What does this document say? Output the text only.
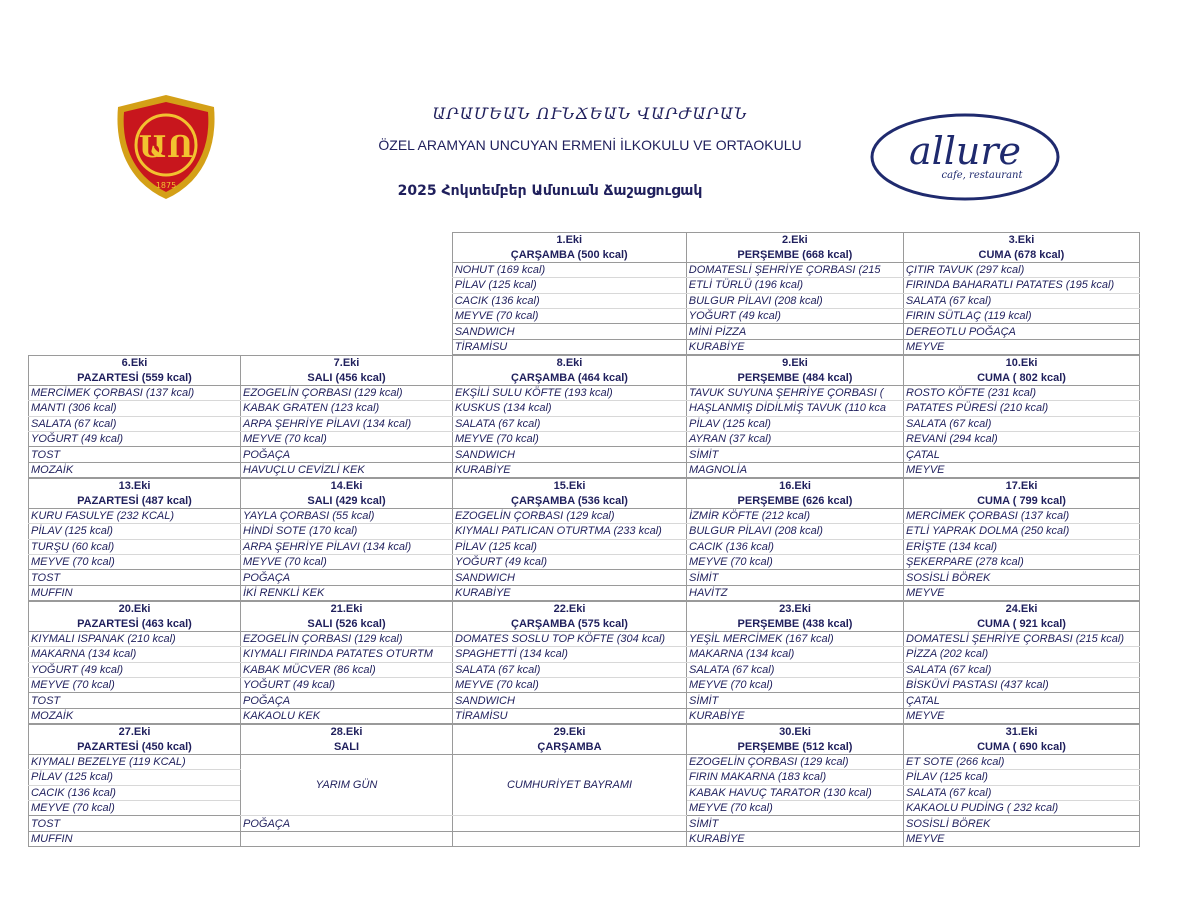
ԱՈ
1875
ԱՐԱՄԵԱՆ ՈՒՆՃԵԱՆ ՎԱՐԺԱՐԱՆ
ÖZEL ARAMYAN UNCUYAN ERMENİ İLKOKULU VE ORTAOKULU
2025 Հոկտեմբեր Ամսուան Ճաշացուցակ
allure
cafe, restaurant
		1.Eki	2.Eki	3.Eki
		ÇARŞAMBA (500 kcal)	PERŞEMBE (668 kcal)	CUMA (678 kcal)
		NOHUT (169 kcal)	DOMATESLİ ŞEHRİYE ÇORBASI (215	ÇITIR TAVUK (297 kcal)
		PİLAV (125 kcal)	ETLİ TÜRLÜ (196 kcal)	FIRINDA BAHARATLI PATATES (195 kcal)
		CACIK (136 kcal)	BULGUR PİLAVI (208 kcal)	SALATA (67 kcal)
		MEYVE (70 kcal)	YOĞURT (49 kcal)	FIRIN SÜTLAÇ (119 kcal)
		SANDWICH	MİNİ PİZZA	DEREOTLU POĞAÇA
		TİRAMİSU	KURABİYE	MEYVE
6.Eki	7.Eki	8.Eki	9.Eki	10.Eki
PAZARTESİ (559 kcal)	SALI (456 kcal)	ÇARŞAMBA (464 kcal)	PERŞEMBE (484 kcal)	CUMA ( 802 kcal)
MERCİMEK ÇORBASI (137 kcal)	EZOGELİN ÇORBASI (129 kcal)	EKŞİLİ SULU KÖFTE (193 kcal)	TAVUK SUYUNA ŞEHRİYE ÇORBASI (	ROSTO KÖFTE (231 kcal)
MANTI (306 kcal)	KABAK GRATEN (123 kcal)	KUSKUS (134 kcal)	HAŞLANMIŞ DİDİLMİŞ TAVUK (110 kca	PATATES PÜRESİ (210 kcal)
SALATA (67 kcal)	ARPA ŞEHRİYE PİLAVI (134 kcal)	SALATA (67 kcal)	PİLAV (125 kcal)	SALATA (67 kcal)
YOĞURT (49 kcal)	MEYVE (70 kcal)	MEYVE (70 kcal)	AYRAN (37 kcal)	REVANİ (294 kcal)
TOST	POĞAÇA	SANDWICH	SİMİT	ÇATAL
MOZAİK	HAVUÇLU CEVİZLİ KEK	KURABİYE	MAGNOLİA	MEYVE
13.Eki	14.Eki	15.Eki	16.Eki	17.Eki
PAZARTESİ (487 kcal)	SALI (429 kcal)	ÇARŞAMBA (536 kcal)	PERŞEMBE (626 kcal)	CUMA ( 799 kcal)
KURU FASULYE (232 KCAL)	YAYLA ÇORBASI (55 kcal)	EZOGELİN ÇORBASI (129 kcal)	İZMİR KÖFTE (212 kcal)	MERCİMEK ÇORBASI (137 kcal)
PİLAV (125 kcal)	HİNDİ SOTE (170 kcal)	KIYMALI PATLICAN OTURTMA (233 kcal)	BULGUR PİLAVI (208 kcal)	ETLİ YAPRAK DOLMA (250 kcal)
TURŞU (60 kcal)	ARPA ŞEHRİYE PİLAVI (134 kcal)	PİLAV (125 kcal)	CACIK (136 kcal)	ERİŞTE (134 kcal)
MEYVE (70 kcal)	MEYVE (70 kcal)	YOĞURT (49 kcal)	MEYVE (70 kcal)	ŞEKERPARE (278 kcal)
TOST	POĞAÇA	SANDWICH	SİMİT	SOSİSLİ BÖREK
MUFFIN	İKİ RENKLİ KEK	KURABİYE	HAVİTZ	MEYVE
20.Eki	21.Eki	22.Eki	23.Eki	24.Eki
PAZARTESİ (463 kcal)	SALI (526 kcal)	ÇARŞAMBA (575 kcal)	PERŞEMBE (438 kcal)	CUMA ( 921 kcal)
KIYMALI ISPANAK (210 kcal)	EZOGELİN ÇORBASI (129 kcal)	DOMATES SOSLU TOP KÖFTE (304 kcal)	YEŞİL MERCİMEK (167 kcal)	DOMATESLİ ŞEHRİYE ÇORBASI (215 kcal)
MAKARNA (134 kcal)	KIYMALI FIRINDA PATATES OTURTM	SPAGHETTİ (134 kcal)	MAKARNA (134 kcal)	PİZZA (202 kcal)
YOĞURT (49 kcal)	KABAK MÜCVER (86 kcal)	SALATA (67 kcal)	SALATA (67 kcal)	SALATA (67 kcal)
MEYVE (70 kcal)	YOĞURT (49 kcal)	MEYVE (70 kcal)	MEYVE (70 kcal)	BİSKÜVİ PASTASI (437 kcal)
TOST	POĞAÇA	SANDWICH	SİMİT	ÇATAL
MOZAİK	KAKAOLU KEK	TİRAMİSU	KURABİYE	MEYVE
27.Eki	28.Eki	29.Eki	30.Eki	31.Eki
PAZARTESİ (450 kcal)	SALI	ÇARŞAMBA	PERŞEMBE (512 kcal)	CUMA ( 690 kcal)
KIYMALI BEZELYE (119 KCAL)	YARIM GÜN	CUMHURİYET BAYRAMI	EZOGELİN ÇORBASI (129 kcal)	ET SOTE (266 kcal)
PİLAV (125 kcal)			FIRIN MAKARNA (183 kcal)	PİLAV (125 kcal)
CACIK (136 kcal)			KABAK HAVUÇ TARATOR (130 kcal)	SALATA (67 kcal)
MEYVE (70 kcal)			MEYVE (70 kcal)	KAKAOLU PUDİNG ( 232 kcal)
TOST	POĞAÇA		SİMİT	SOSİSLİ BÖREK
MUFFIN			KURABİYE	MEYVE
